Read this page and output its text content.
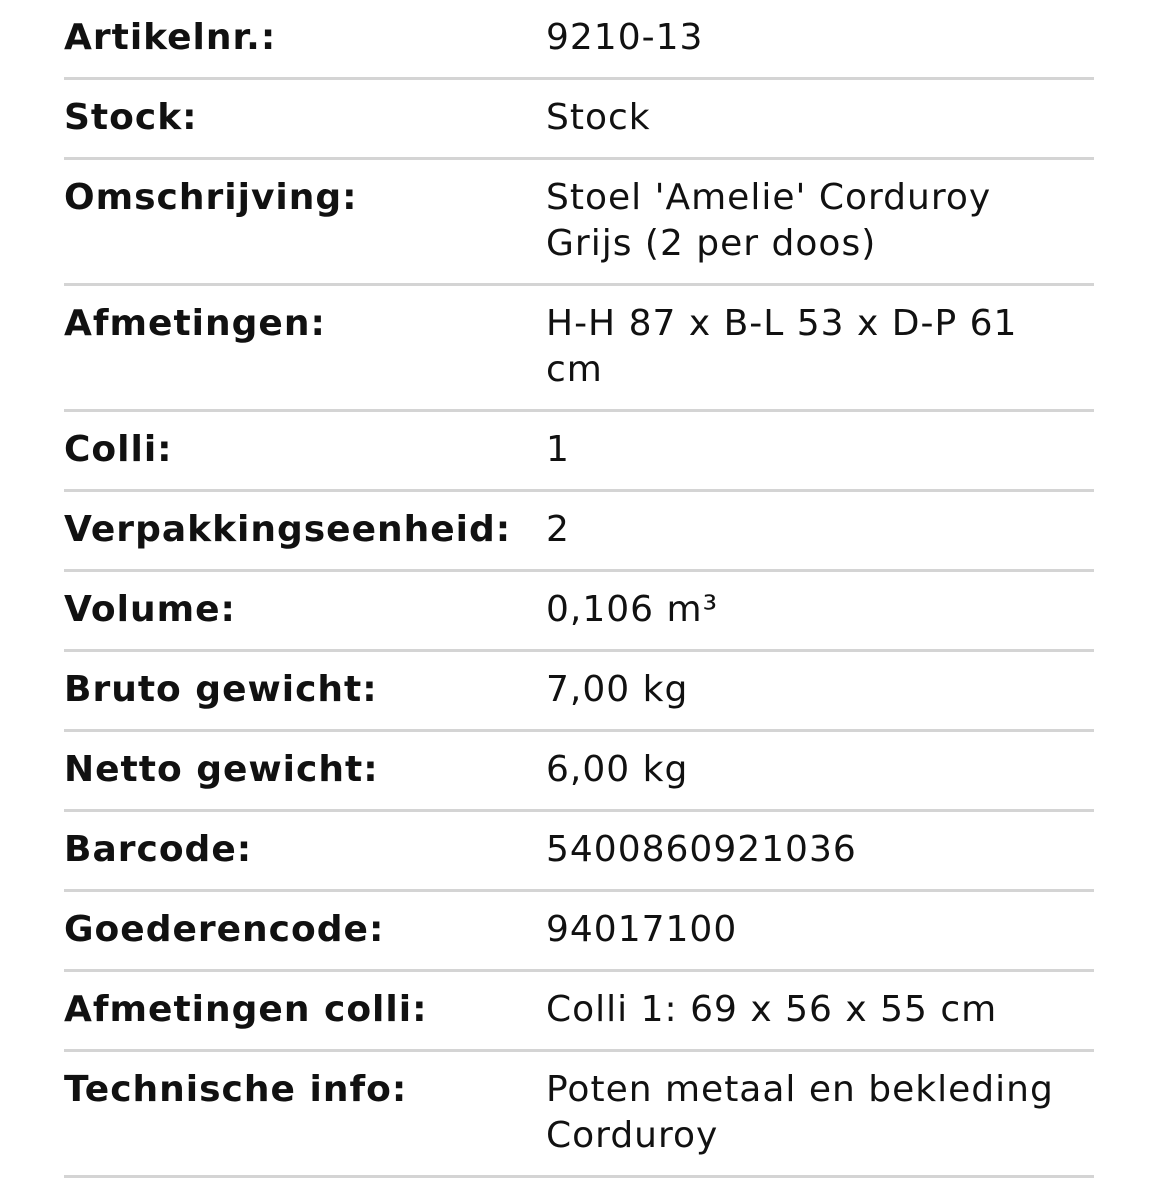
Artikelnr.:	9210-13
Stock:	Stock
Omschrijving:	Stoel 'Amelie' Corduroy Grijs (2 per doos)
Afmetingen:	H-H 87 x B-L 53 x D-P 61 cm
Colli:	1
Verpakkingseenheid:	2
Volume:	0,106 m³
Bruto gewicht:	7,00 kg
Netto gewicht:	6,00 kg
Barcode:	5400860921036
Goederencode:	94017100
Afmetingen colli:	Colli 1: 69 x 56 x 55 cm
Technische info:	Poten metaal en bekleding Corduroy
